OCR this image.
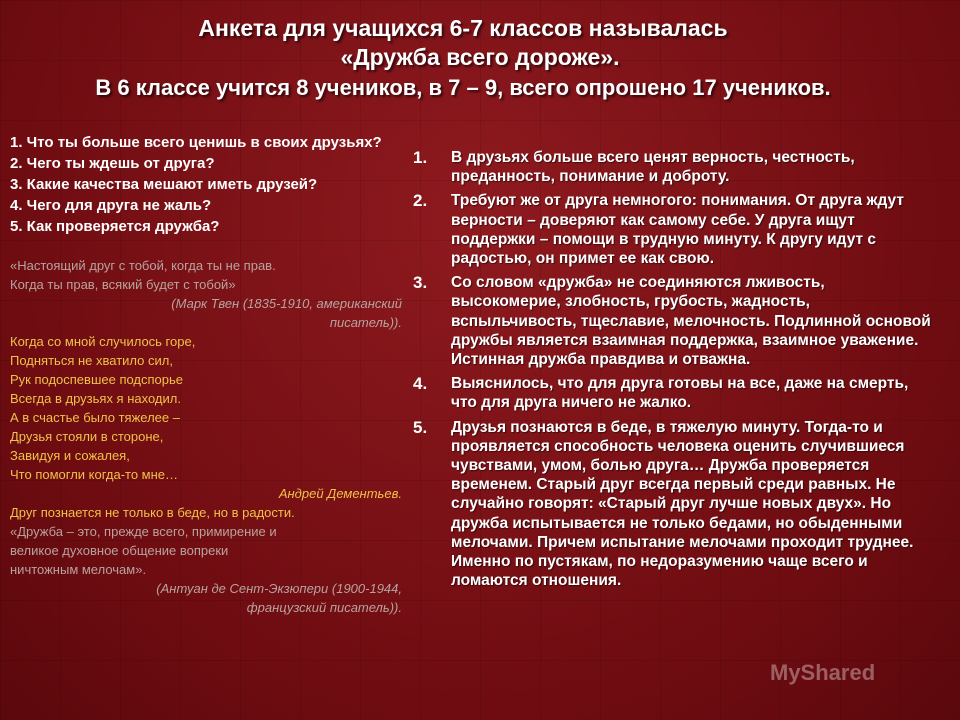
Анкета для учащихся 6-7 классов называлась
«Дружба всего дороже».
В 6 классе учится 8 учеников, в 7 – 9, всего опрошено 17 учеников.
1. Что ты больше всего ценишь в своих друзьях?
2. Чего ты ждешь от друга?
3. Какие качества мешают иметь друзей?
4. Чего для друга не жаль?
5. Как проверяется дружба?

«Настоящий друг с тобой, когда ты не прав.

Когда ты прав, всякий будет с тобой»

(Марк Твен (1835-1910, американский

писатель)).

Когда со мной случилось горе,

Подняться не хватило сил,

Рук подоспевшее подспорье

Всегда в друзьях я находил.

А в счастье было тяжелее –

Друзья стояли в стороне,

Завидуя и сожалея,

Что помогли когда-то мне…

Андрей Дементьев.

Друг познается не только в беде, но в радости.

«Дружба – это, прежде всего, примирение и

великое духовное общение вопреки

ничтожным мелочам».

(Антуан де Сент-Экзюпери (1900-1944,

французский писатель)).

1.	В друзьях больше всего ценят верность, честность, преданность, понимание и доброту.
2.	Требуют же от друга немногого: понимания. От друга ждут верности – доверяют как самому себе. У друга ищут поддержки – помощи в трудную минуту. К другу идут с радостью, он примет ее как свою.
3.	Со словом «дружба» не соединяются лживость, высокомерие, злобность, грубость, жадность, вспыльчивость, тщеславие, мелочность. Подлинной основой дружбы является взаимная поддержка, взаимное уважение. Истинная дружба правдива и отважна.
4.	Выяснилось, что для друга готовы на все, даже на смерть, что для друга ничего не жалко.
5.	Друзья познаются в беде, в тяжелую минуту. Тогда-то и проявляется способность человека оценить случившиеся чувствами, умом, болью друга… Дружба проверяется временем. Старый друг всегда первый среди равных. Не случайно говорят: «Старый друг лучше новых двух». Но дружба испытывается не только бедами, но обыденными мелочами. Причем испытание мелочами проходит труднее. Именно по пустякам, по недоразумению чаще всего и ломаются отношения.
MyShared
